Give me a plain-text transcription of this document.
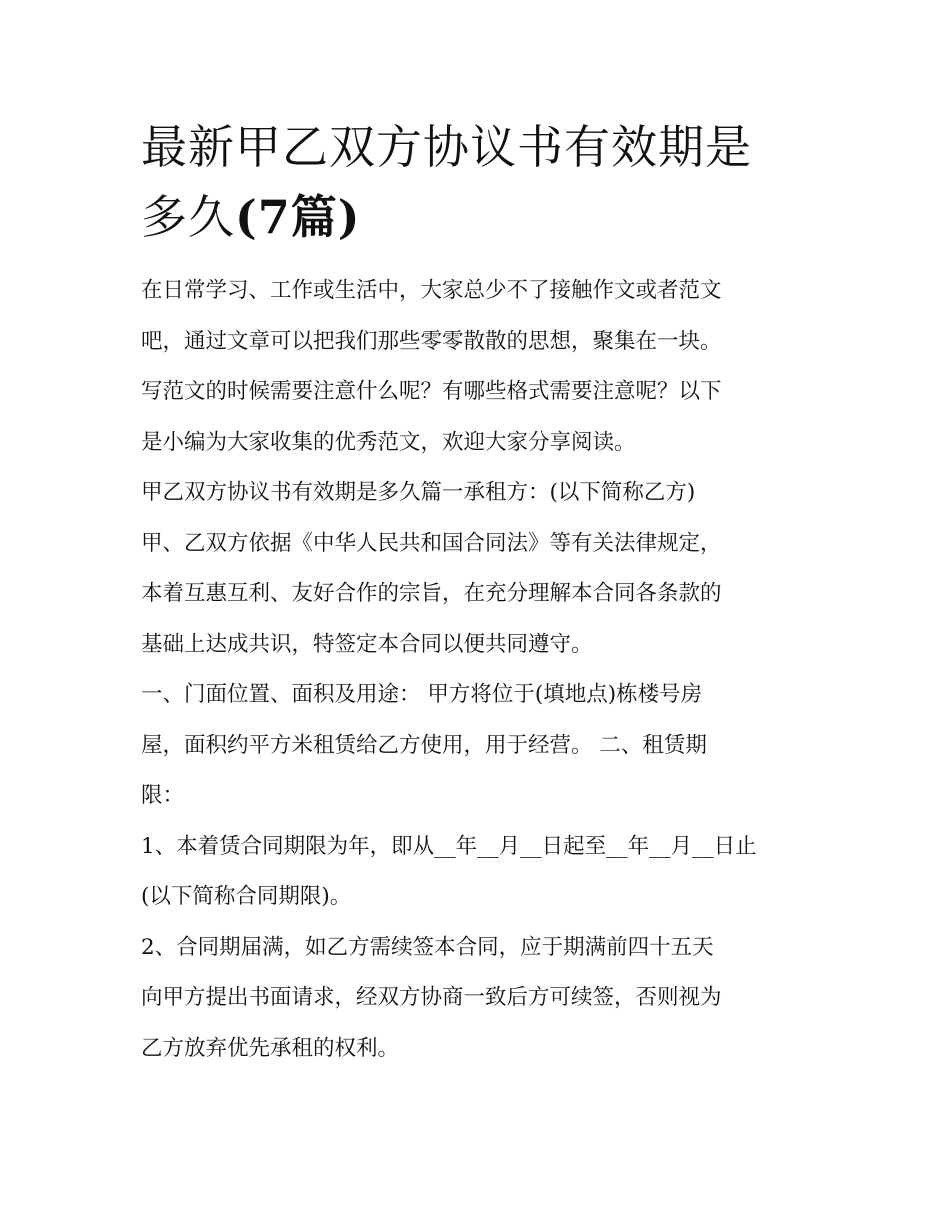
最新甲乙双方协议书有效期是
多久(7篇)

在日常学习、工作或生活中，大家总少不了接触作文或者范文
吧，通过文章可以把我们那些零零散散的思想，聚集在一块。
写范文的时候需要注意什么呢？有哪些格式需要注意呢？以下
是小编为大家收集的优秀范文，欢迎大家分享阅读。

甲乙双方协议书有效期是多久篇一承租方：(以下简称乙方)

甲、乙双方依据《中华人民共和国合同法》等有关法律规定，
本着互惠互利、友好合作的宗旨，在充分理解本合同各条款的
基础上达成共识，特签定本合同以便共同遵守。

一、门面位置、面积及用途： 甲方将位于(填地点)栋楼号房
屋，面积约平方米租赁给乙方使用，用于经营。 二、租赁期
限：

1、本着赁合同期限为年，即从__年__月__日起至__年__月__日止
(以下简称合同期限)。

2、合同期届满，如乙方需续签本合同，应于期满前四十五天
向甲方提出书面请求，经双方协商一致后方可续签，否则视为
乙方放弃优先承租的权利。
